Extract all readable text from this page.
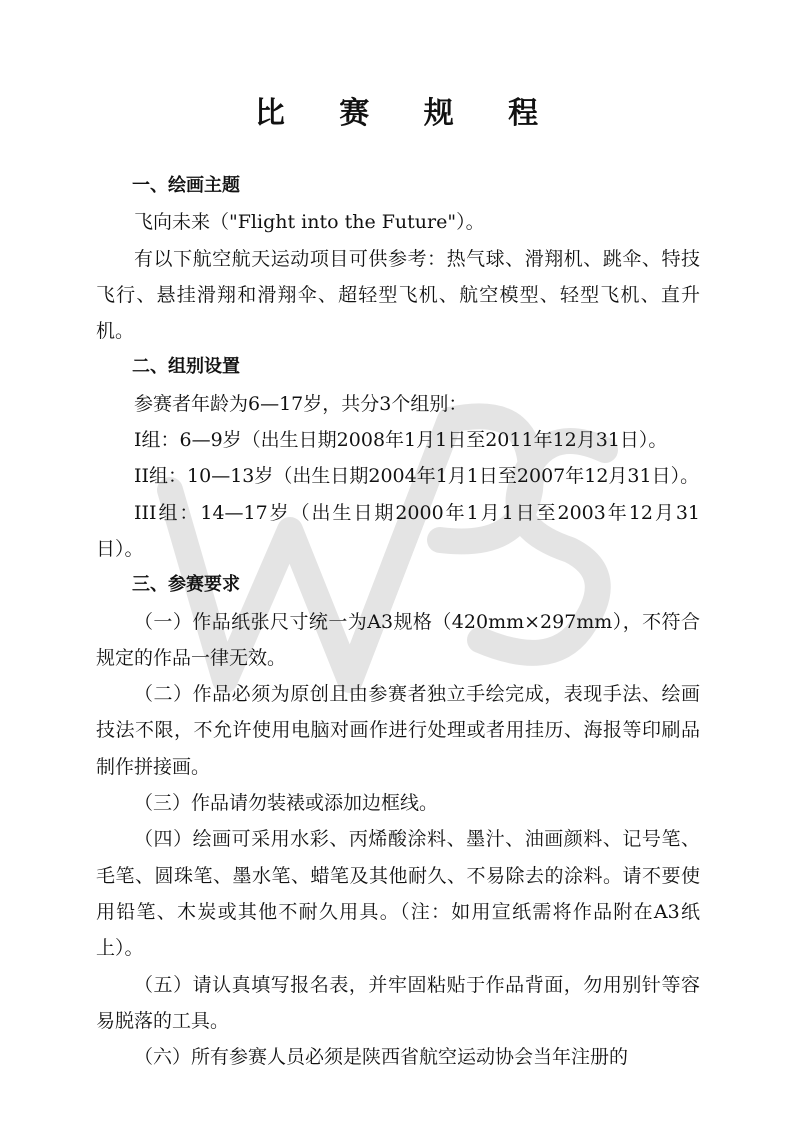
比 赛 规 程

一、绘画主题

飞向未来（"Flight into the Future"）。

有以下航空航天运动项目可供参考：热气球、滑翔机、跳伞、特技飞行、悬挂滑翔和滑翔伞、超轻型飞机、航空模型、轻型飞机、直升机。

二、组别设置

参赛者年龄为6—17岁，共分3个组别：

Ⅰ组：6—9岁（出生日期2008年1月1日至2011年12月31日）。

II组：10—13岁（出生日期2004年1月1日至2007年12月31日）。

III组：14—17岁（出生日期2000年1月1日至2003年12月31日）。

三、参赛要求

（一）作品纸张尺寸统一为A3规格（420mm×297mm），不符合规定的作品一律无效。

（二）作品必须为原创且由参赛者独立手绘完成，表现手法、绘画技法不限，不允许使用电脑对画作进行处理或者用挂历、海报等印刷品制作拼接画。

（三）作品请勿装裱或添加边框线。

（四）绘画可采用水彩、丙烯酸涂料、墨汁、油画颜料、记号笔、毛笔、圆珠笔、墨水笔、蜡笔及其他耐久、不易除去的涂料。请不要使用铅笔、木炭或其他不耐久用具。（注：如用宣纸需将作品附在A3纸上）。

（五）请认真填写报名表，并牢固粘贴于作品背面，勿用别针等容易脱落的工具。

（六）所有参赛人员必须是陕西省航空运动协会当年注册的
